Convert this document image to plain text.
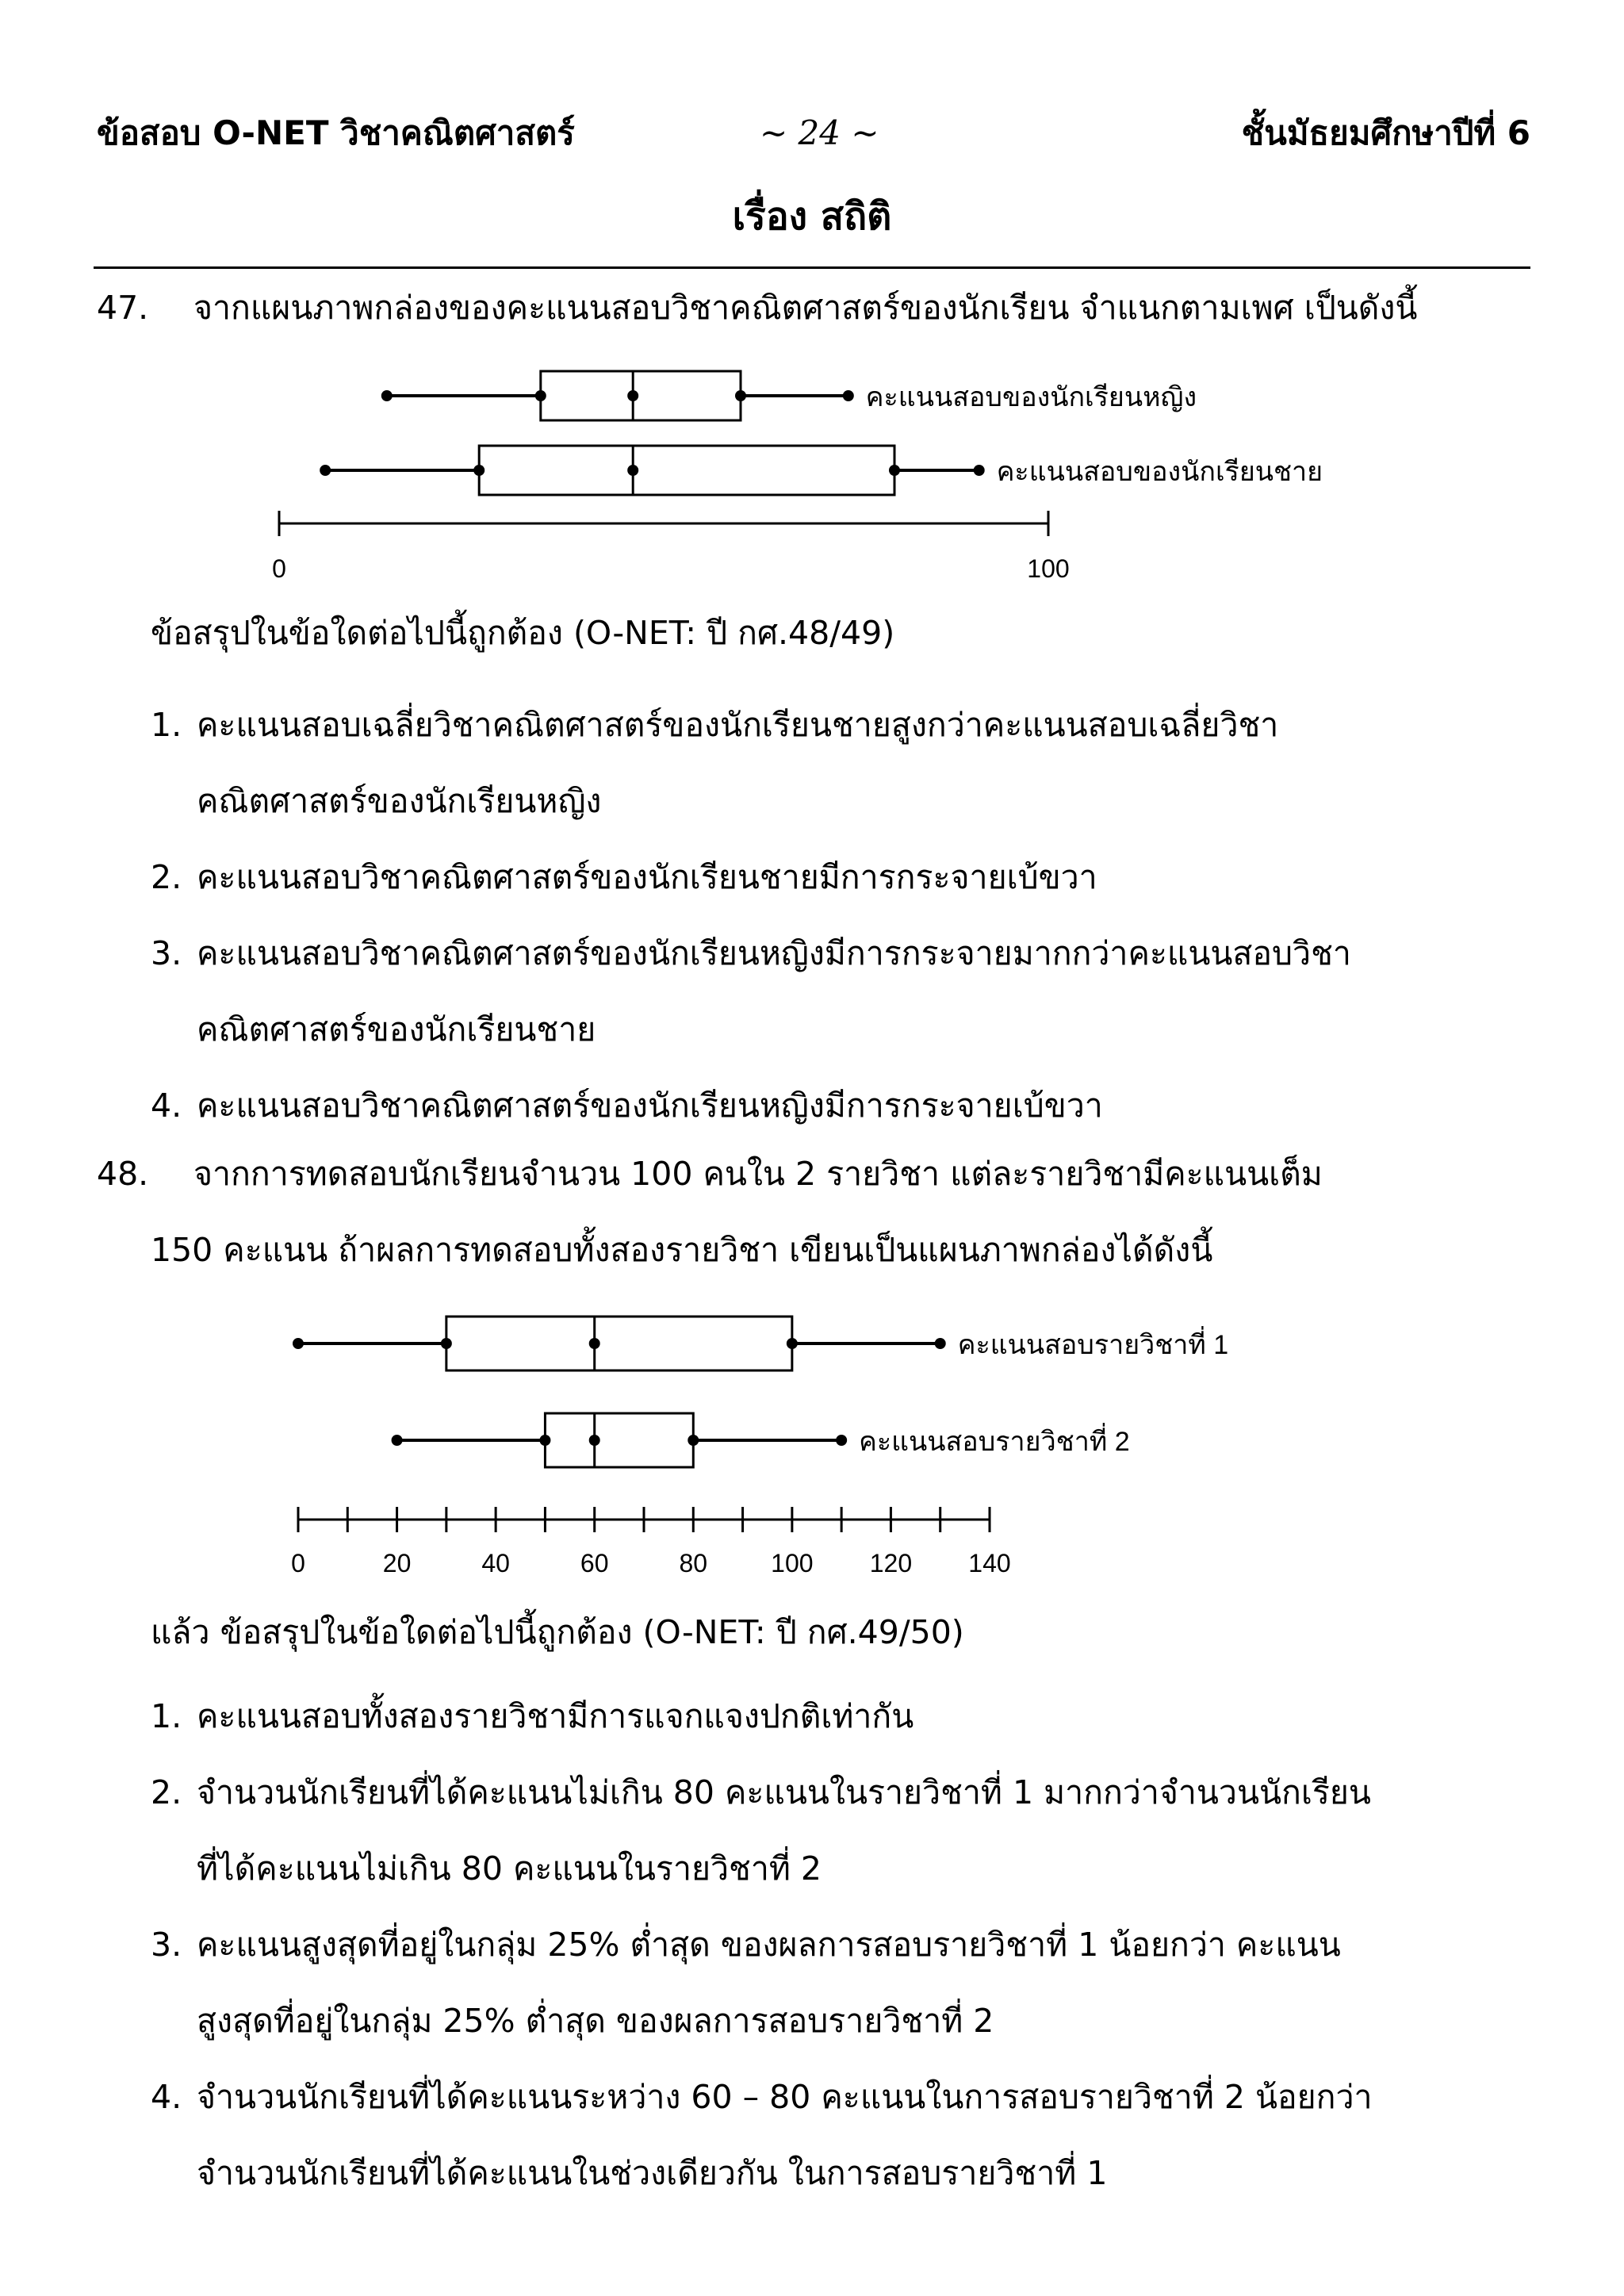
ข้อสอบ O-NET วิชาคณิตศาสตร์	~ 24 ~	ชั้นมัธยมศึกษาปีที่ 6
เรื่อง สถิติ
47. จากแผนภาพกล่องของคะแนนสอบวิชาคณิตศาสตร์ของนักเรียน จำแนกตามเพศ เป็นดังนี้
คะแนนสอบของนักเรียนหญิง
คะแนนสอบของนักเรียนชาย
0	100
ข้อสรุปในข้อใดต่อไปนี้ถูกต้อง (O-NET: ปี กศ.48/49)
1. คะแนนสอบเฉลี่ยวิชาคณิตศาสตร์ของนักเรียนชายสูงกว่าคะแนนสอบเฉลี่ยวิชา
คณิตศาสตร์ของนักเรียนหญิง
2. คะแนนสอบวิชาคณิตศาสตร์ของนักเรียนชายมีการกระจายเบ้ขวา
3. คะแนนสอบวิชาคณิตศาสตร์ของนักเรียนหญิงมีการกระจายมากกว่าคะแนนสอบวิชา
คณิตศาสตร์ของนักเรียนชาย
4. คะแนนสอบวิชาคณิตศาสตร์ของนักเรียนหญิงมีการกระจายเบ้ขวา
48. จากการทดสอบนักเรียนจำนวน 100 คนใน 2 รายวิชา แต่ละรายวิชามีคะแนนเต็ม
150 คะแนน ถ้าผลการทดสอบทั้งสองรายวิชา เขียนเป็นแผนภาพกล่องได้ดังนี้
คะแนนสอบรายวิชาที่ 1
คะแนนสอบรายวิชาที่ 2
0	20	40	60	80	100 120 140
แล้ว ข้อสรุปในข้อใดต่อไปนี้ถูกต้อง (O-NET: ปี กศ.49/50)
1. คะแนนสอบทั้งสองรายวิชามีการแจกแจงปกติเท่ากัน
2. จำนวนนักเรียนที่ได้คะแนนไม่เกิน 80 คะแนนในรายวิชาที่ 1 มากกว่าจำนวนนักเรียน
ที่ได้คะแนนไม่เกิน 80 คะแนนในรายวิชาที่ 2
3. คะแนนสูงสุดที่อยู่ในกลุ่ม 25% ต่ำสุด ของผลการสอบรายวิชาที่ 1 น้อยกว่า คะแนน
สูงสุดที่อยู่ในกลุ่ม 25% ต่ำสุด ของผลการสอบรายวิชาที่ 2
4. จำนวนนักเรียนที่ได้คะแนนระหว่าง 60 – 80 คะแนนในการสอบรายวิชาที่ 2 น้อยกว่า
จำนวนนักเรียนที่ได้คะแนนในช่วงเดียวกัน ในการสอบรายวิชาที่ 1
